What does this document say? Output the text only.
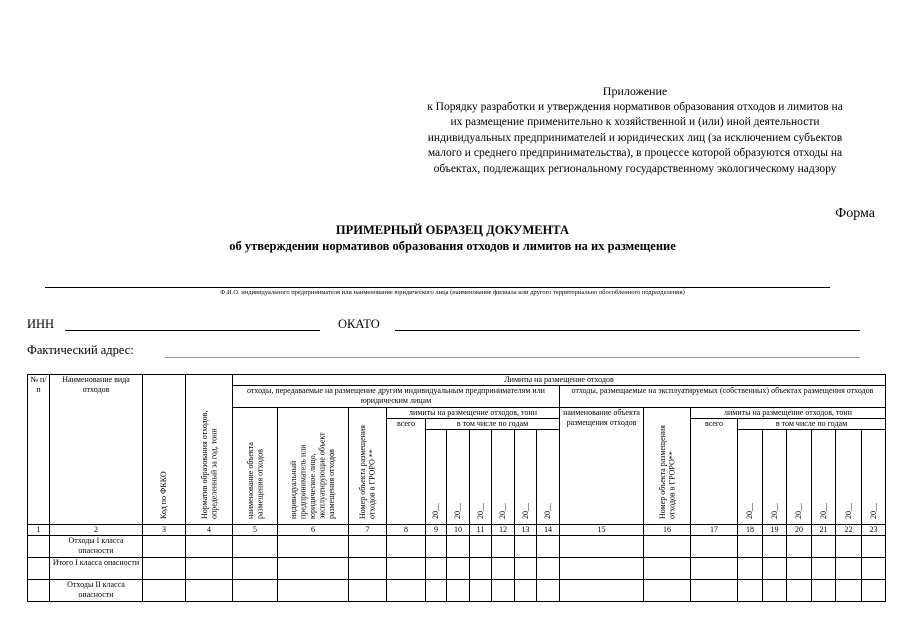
Приложение
к Порядку разработки и утверждения нормативов образования отходов и лимитов на
их размещение применительно к хозяйственной и (или) иной деятельности
индивидуальных предпринимателей и юридических лиц (за исключением субъектов
малого и среднего предпринимательства), в процессе которой образуются отходы на
объектах, подлежащих региональному государственному экологическому надзору
Форма
ПРИМЕРНЫЙ ОБРАЗЕЦ ДОКУМЕНТА
об утверждении нормативов образования отходов и лимитов на их размещение
Ф.И.О. индивидуального предпринимателя или наименование юридического лица (наименование филиала или другого территориально обособленного подразделения)
ИНН	ОКАТО
Фактический адрес:
№ п/п	Наименование вида отходов	Код по ФККО	Норматив образования отходов, определенный за год, тонн	Лимиты на размещение отходов																		
				отходы, передаваемые на размещение другим индивидуальным предпринимателям или юридическим лицам										отходы, размещаемые на эксплуатируемых (собственных) объектах размещения отходов								
				наименование объекта размещения отходов	индивидуальный предприниматель или юридическое лицо, эксплуатирующие объект размещения отходов	Номер объекта размещения отходов в ГРОРО **	лимиты на размещение отходов, тонн							наименование объекта размещения отходов	Номер объекта размещения отходов в ГРОРО**	лимиты на размещение отходов, тонн						
							всего	в том числе по годам								всего	в том числе по годам					
								20__	20__	20__	20__	20__	20__				20__	20__	20__	20__	20__	20__
1	2	3	4	5	6	7	8	9	10	11	12	13	14	15	16	17	18	19	20	21	22	23
	Отходы I класса опасности																					
	Итого I класса опасности																					
	Отходы II класса опасности																					
